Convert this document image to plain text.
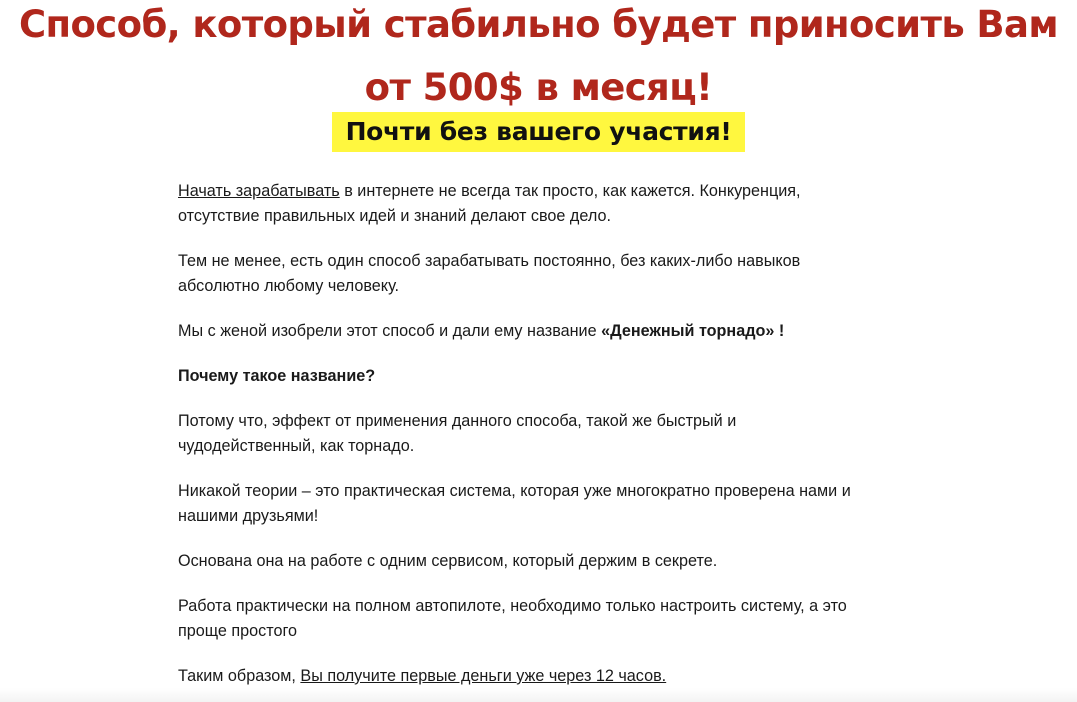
Способ, который стабильно будет приносить Вам
от 500$ в месяц!
Почти без вашего участия!

Начать зарабатывать в интернете не всегда так просто, как кажется. Конкуренция,
отсутствие правильных идей и знаний делают свое дело.

Тем не менее, есть один способ зарабатывать постоянно, без каких-либо навыков
абсолютно любому человеку.

Мы с женой изобрели этот способ и дали ему название «Денежный торнадо» !

Почему такое название?

Потому что, эффект от применения данного способа, такой же быстрый и
чудодейственный, как торнадо.

Никакой теории – это практическая система, которая уже многократно проверена нами и
нашими друзьями!

Основана она на работе с одним сервисом, который держим в секрете.

Работа практически на полном автопилоте, необходимо только настроить систему, а это
проще простого

Таким образом, Вы получите первые деньги уже через 12 часов.
